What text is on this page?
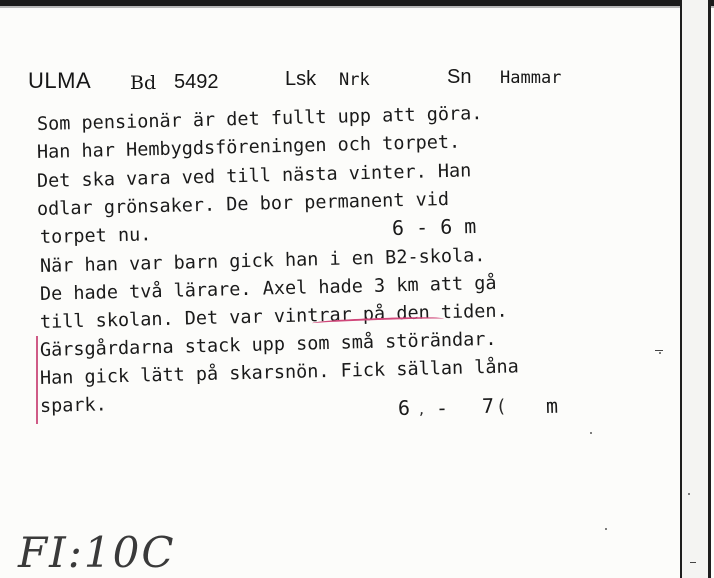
ULMA Bd 5492	Lsk Nrk	Sn Hammar
Som pensionär är det fullt upp att göra.
Han har Hembygdsföreningen och torpet.
Det ska vara ved till nästa vinter. Han
odlar grönsaker. De bor permanent vid
torpet nu.	6 - 6 m
När han var barn gick han i en B2-skola.
De hade två lärare. Axel hade 3 km att gå
till skolan. Det var vintrar på den tiden.
Gärsgårdarna stack upp som små störändar.
Han gick lätt på skarsnön. Fick sällan låna
spark.	6 , - 7 ( m
FI:10C
